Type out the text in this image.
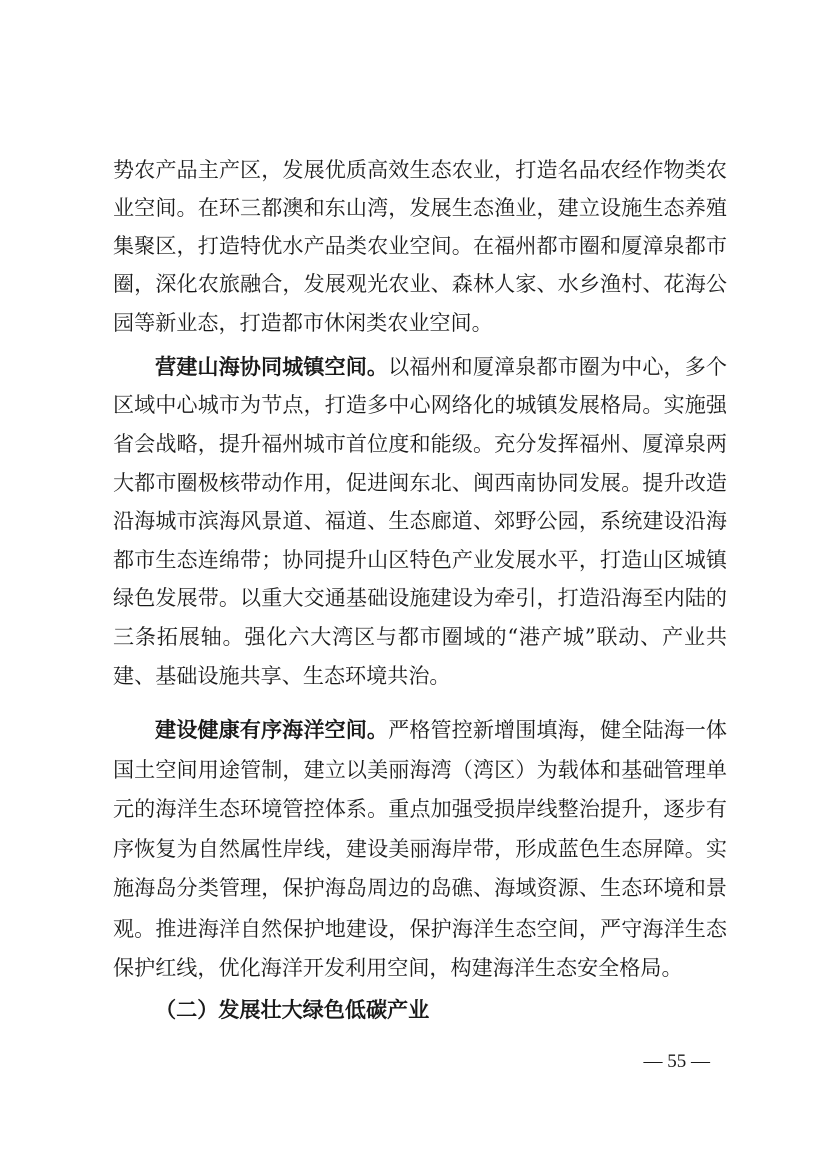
势农产品主产区，发展优质高效生态农业，打造名品农经作物类农
业空间。在环三都澳和东山湾，发展生态渔业，建立设施生态养殖
集聚区，打造特优水产品类农业空间。在福州都市圈和厦漳泉都市
圈，深化农旅融合，发展观光农业、森林人家、水乡渔村、花海公
园等新业态，打造都市休闲类农业空间。
营建山海协同城镇空间。以福州和厦漳泉都市圈为中心，多个
区域中心城市为节点，打造多中心网络化的城镇发展格局。实施强
省会战略，提升福州城市首位度和能级。充分发挥福州、厦漳泉两
大都市圈极核带动作用，促进闽东北、闽西南协同发展。提升改造
沿海城市滨海风景道、福道、生态廊道、郊野公园，系统建设沿海
都市生态连绵带；协同提升山区特色产业发展水平，打造山区城镇
绿色发展带。以重大交通基础设施建设为牵引，打造沿海至内陆的
三条拓展轴。强化六大湾区与都市圈域的“港产城”联动、产业共
建、基础设施共享、生态环境共治。
建设健康有序海洋空间。严格管控新增围填海，健全陆海一体
国土空间用途管制，建立以美丽海湾（湾区）为载体和基础管理单
元的海洋生态环境管控体系。重点加强受损岸线整治提升，逐步有
序恢复为自然属性岸线，建设美丽海岸带，形成蓝色生态屏障。实
施海岛分类管理，保护海岛周边的岛礁、海域资源、生态环境和景
观。推进海洋自然保护地建设，保护海洋生态空间，严守海洋生态
保护红线，优化海洋开发利用空间，构建海洋生态安全格局。
（二）发展壮大绿色低碳产业
— 55 —
